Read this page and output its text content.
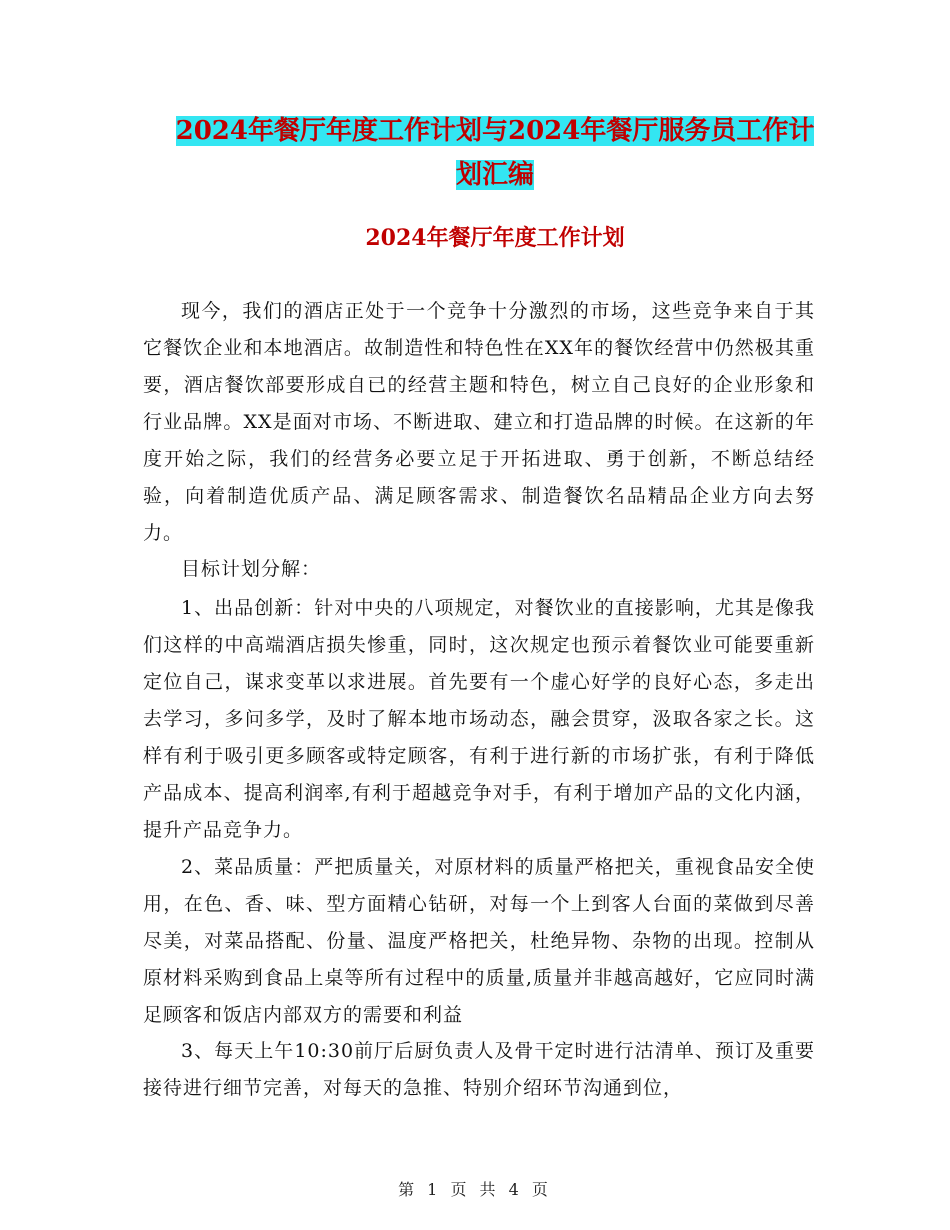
2024年餐厅年度工作计划与2024年餐厅服务员工作计
划汇编
2024年餐厅年度工作计划

现今，我们的酒店正处于一个竞争十分激烈的市场，这些竞争来自于其它餐饮企业和本地酒店。故制造性和特色性在XX年的餐饮经营中仍然极其重要，酒店餐饮部要形成自已的经营主题和特色，树立自己良好的企业形象和行业品牌。XX是面对市场、不断进取、建立和打造品牌的时候。在这新的年度开始之际，我们的经营务必要立足于开拓进取、勇于创新，不断总结经验，向着制造优质产品、满足顾客需求、制造餐饮名品精品企业方向去努力。

目标计划分解：

1、出品创新：针对中央的八项规定，对餐饮业的直接影响，尤其是像我们这样的中高端酒店损失惨重，同时，这次规定也预示着餐饮业可能要重新定位自己，谋求变革以求进展。首先要有一个虚心好学的良好心态，多走出去学习，多问多学，及时了解本地市场动态，融会贯穿，汲取各家之长。这样有利于吸引更多顾客或特定顾客，有利于进行新的市场扩张，有利于降低产品成本、提高利润率,有利于超越竞争对手，有利于增加产品的文化内涵，提升产品竞争力。

2、菜品质量：严把质量关，对原材料的质量严格把关，重视食品安全使用，在色、香、味、型方面精心钻研，对每一个上到客人台面的菜做到尽善尽美，对菜品搭配、份量、温度严格把关，杜绝异物、杂物的出现。控制从原材料采购到食品上桌等所有过程中的质量,质量并非越高越好，它应同时满足顾客和饭店内部双方的需要和利益

3、每天上午10:30前厅后厨负责人及骨干定时进行沽清单、预订及重要接待进行细节完善，对每天的急推、特别介绍环节沟通到位，

第 1 页 共 4 页
